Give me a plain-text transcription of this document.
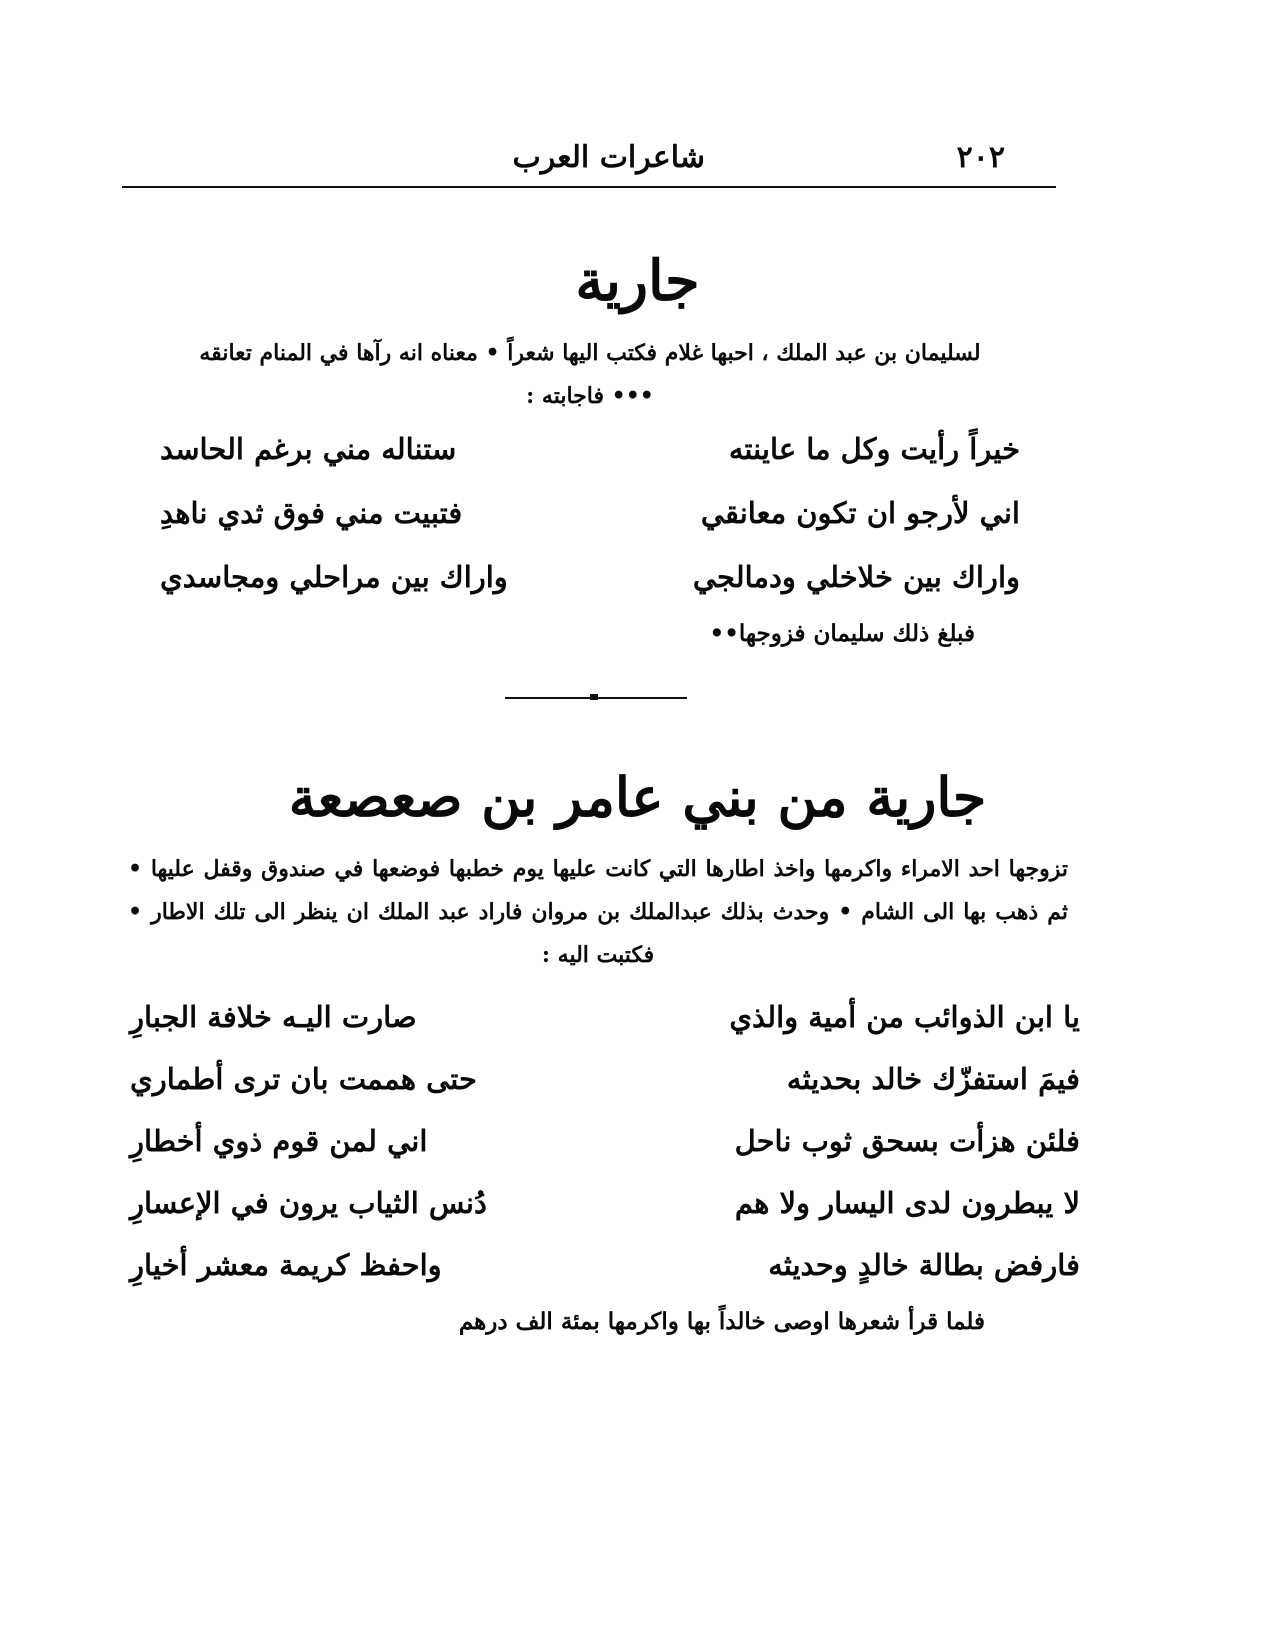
٢٠٢
شاعرات العرب
جارية
لسليمان بن عبد الملك ، احبها غلام فكتب اليها شعراً • معناه انه رآها في المنام تعانقه ••• فاجابته :
خيراً رأيت وكل ما عاينته
ستناله مني برغم الحاسد
اني لأرجو ان تكون معانقي
فتبيت مني فوق ثدي ناهدِ
واراك بين خلاخلي ودمالجي
واراك بين مراحلي ومجاسدي
فبلغ ذلك سليمان فزوجها••
جارية من بني عامر بن صعصعة
تزوجها احد الامراء واكرمها واخذ اطارها التي كانت عليها يوم خطبها فوضعها في صندوق وقفل عليها • ثم ذهب بها الى الشام • وحدث بذلك عبدالملك بن مروان فاراد عبد الملك ان ينظر الى تلك الاطار • فكتبت اليه :
يا ابن الذوائب من أمية والذي
صارت اليـه خلافة الجبارِ
فيمَ استفزّك خالد بحديثه
حتى هممت بان ترى أطماري
فلئن هزأت بسحق ثوب ناحل
اني لمن قوم ذوي أخطارِ
لا يبطرون لدى اليسار ولا هم
دُنس الثياب يرون في الإعسارِ
فارفض بطالة خالدٍ وحديثه
واحفظ كريمة معشر أخيارِ
فلما قرأ شعرها اوصى خالداً بها واكرمها بمئة الف درهم
